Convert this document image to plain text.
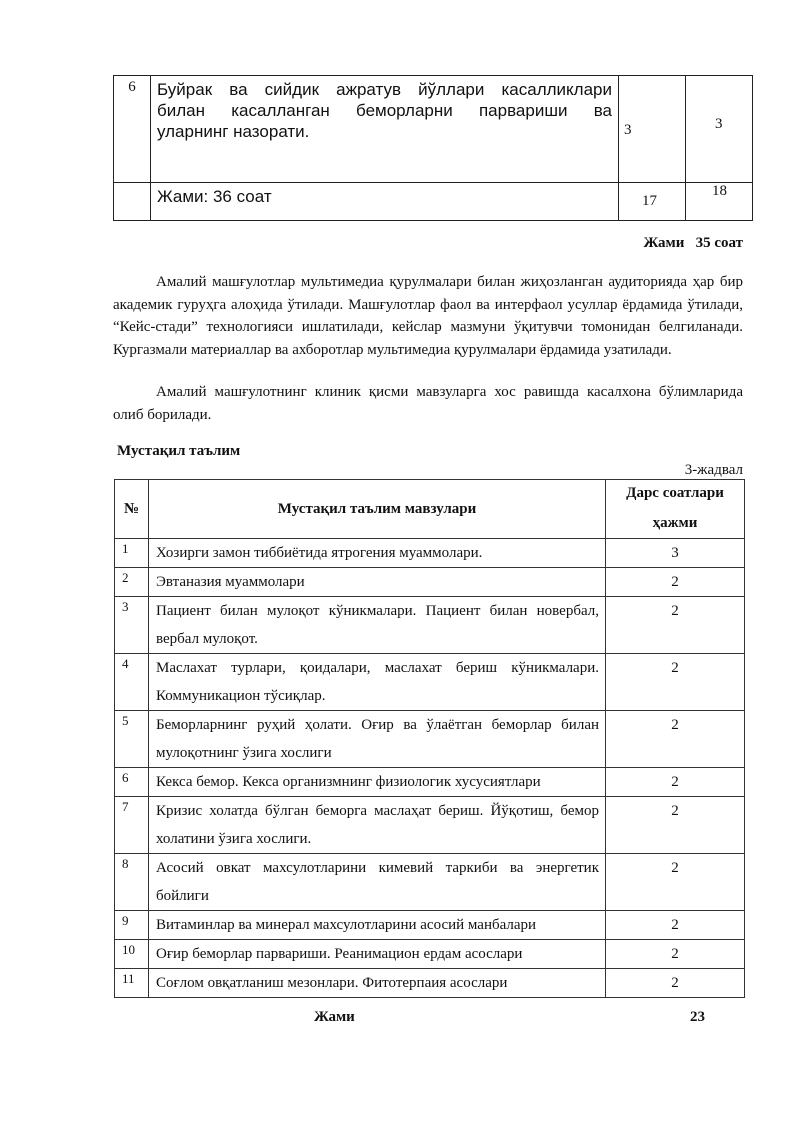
6	Буйрак ва сийдик ажратув йўллари касалликлари
билан касалланган беморларни парвариши ва
уларнинг назорати.	3	3

	Жами: 36 соат	17	18
Жами   35 соат
Амалий машғулотлар мультимедиа қурулмалари билан жиҳозланган аудиторияда ҳар бир академик гуруҳга алоҳида ўтилади. Машғулотлар фаол ва интерфаол усуллар ёрдамида ўтилади, “Кейс-стади” технологияси ишлатилади, кейслар мазмуни ўқитувчи томонидан белгиланади. Кургазмали материаллар ва ахборотлар мультимедиа қурулмалари ёрдамида узатилади.
Амалий машғулотнинг клиник қисми мавзуларга хос равишда касалхона бўлимларида олиб борилади.
Мустақил таълим
3-жадвал
№	Мустақил таълим мавзулари	Дарс соатлари
ҳажми

1	Хозирги замон тиббиётида ятрогения муаммолари.	3
2	Эвтаназия муаммолари	2
3	Пациент билан мулоқот кўникмалари. Пациент билан новербал, вербал мулоқот.	2
4	Маслахат турлари, қоидалари, маслахат бериш кўникмалари. Коммуникацион тўсиқлар.	2
5	Беморларнинг руҳий ҳолати. Оғир ва ўлаётган беморлар билан мулоқотнинг ўзига хослиги	2
6	Кекса бемор. Кекса организмнинг физиологик хусусиятлари	2
7	Кризис холатда бўлган беморга маслаҳат бериш. Йўқотиш, бемор холатини ўзига хослиги.	2
8	Асосий овкат махсулотларини кимевий таркиби ва энергетик бойлиги	2
9	Витаминлар ва минерал махсулотларини асосий манбалари	2
10	Оғир беморлар парвариши. Реанимацион ердам асослари	2
11	Соғлом овқатланиш мезонлари. Фитотерпаия асослари	2
Жами	23
